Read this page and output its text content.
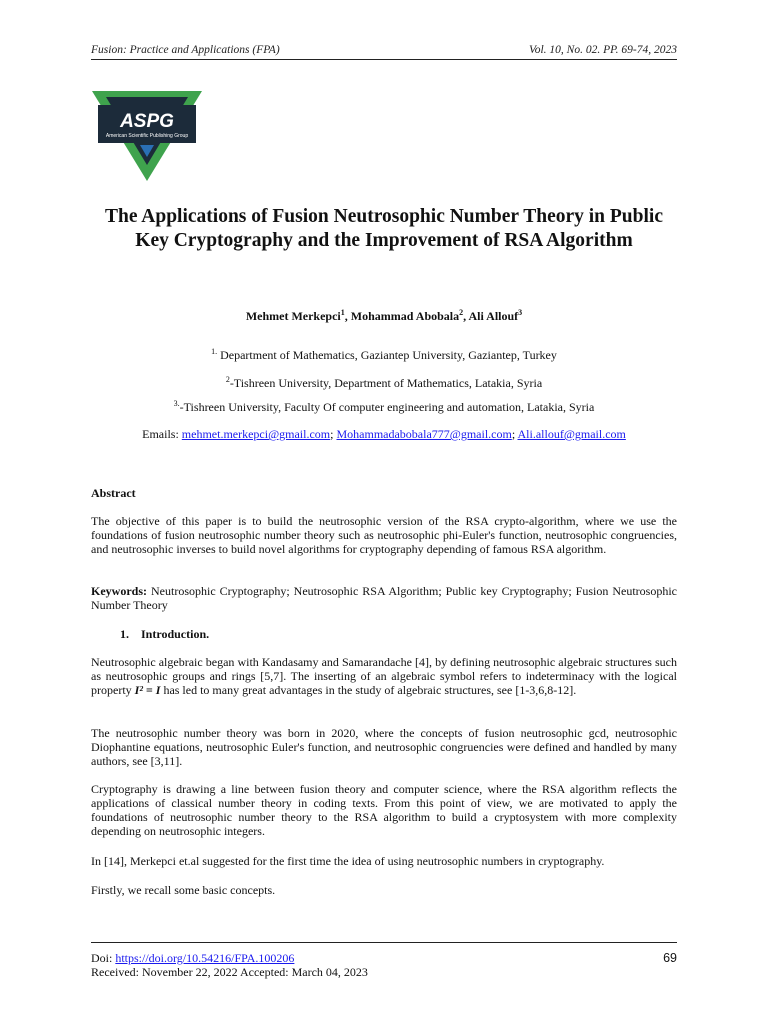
Fusion: Practice and Applications (FPA)	Vol. 10, No. 02. PP. 69-74, 2023
ASPG
American Scientific Publishing Group
The Applications of Fusion Neutrosophic Number Theory in Public Key Cryptography and the Improvement of RSA Algorithm
Mehmet Merkepci$^1$, Mohammad Abobala$^2$, Ali Allouf$^3$
$^{1.}$ Department of Mathematics, Gaziantep University, Gaziantep, Turkey
$^2$-Tishreen University, Department of Mathematics, Latakia, Syria
$^{3.}$-Tishreen University, Faculty Of computer engineering and automation, Latakia, Syria
Emails: mehmet.merkepci@gmail.com; Mohammadabobala777@gmail.com; Ali.allouf@gmail.com
Abstract
The objective of this paper is to build the neutrosophic version of the RSA crypto-algorithm, where we use the foundations of fusion neutrosophic number theory such as neutrosophic phi-Euler's function, neutrosophic congruencies, and neutrosophic inverses to build novel algorithms for cryptography depending of famous RSA algorithm.
Keywords: Neutrosophic Cryptography; Neutrosophic RSA Algorithm; Public key Cryptography; Fusion Neutrosophic Number Theory
1. Introduction.
Neutrosophic algebraic began with Kandasamy and Samarandache [4], by defining neutrosophic algebraic structures such as neutrosophic groups and rings [5,7]. The inserting of an algebraic symbol refers to indeterminacy with the logical property I² = I has led to many great advantages in the study of algebraic structures, see [1-3,6,8-12].
The neutrosophic number theory was born in 2020, where the concepts of fusion neutrosophic gcd, neutrosophic Diophantine equations, neutrosophic Euler's function, and neutrosophic congruencies were defined and handled by many authors, see [3,11].
Cryptography is drawing a line between fusion theory and computer science, where the RSA algorithm reflects the applications of classical number theory in coding texts. From this point of view, we are motivated to apply the foundations of neutrosophic number theory to the RSA algorithm to build a cryptosystem with more complexity depending on neutrosophic integers.
In [14], Merkepci et.al suggested for the first time the idea of using neutrosophic numbers in cryptography.
Firstly, we recall some basic concepts.
Doi: https://doi.org/10.54216/FPA.100206
Received: November 22, 2022 Accepted: March 04, 2023
69
